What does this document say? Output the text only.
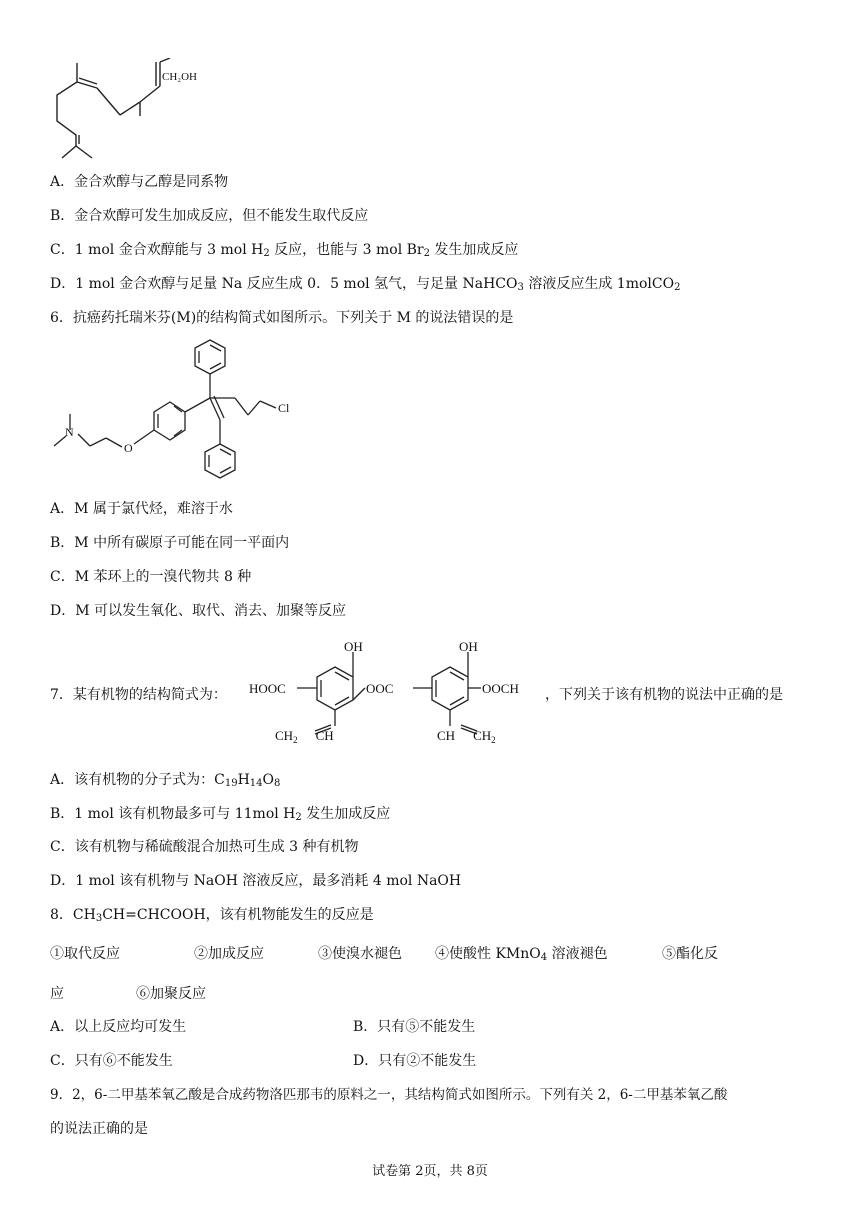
CH₂OH
A．金合欢醇与乙醇是同系物
B．金合欢醇可发生加成反应，但不能发生取代反应
C．1 mol 金合欢醇能与 3 mol $H_2$ 反应，也能与 3 mol $Br_2$ 发生加成反应
D．1 mol 金合欢醇与足量 Na 反应生成 0．5 mol 氢气，与足量 NaHCO$_3$ 溶液反应生成 1molCO$_2$
6．抗癌药托瑞米芬(M)的结构简式如图所示。下列关于 M 的说法错误的是
Cl
O
N
A．M 属于氯代烃，难溶于水
B．M 中所有碳原子可能在同一平面内
C．M 苯环上的一溴代物共 8 种
D．M 可以发生氧化、取代、消去、加聚等反应
7．某有机物的结构简式为：
OH	OH
HOOC	OOC	OOCH
$CH_2$ CH	CH $CH_2$
，下列关于该有机物的说法中正确的是
A．该有机物的分子式为：$C_{19}H_{14}O_8$
B．1 mol 该有机物最多可与 11mol $H_2$ 发生加成反应
C．该有机物与稀硫酸混合加热可生成 3 种有机物
D．1 mol 该有机物与 NaOH 溶液反应，最多消耗 4 mol NaOH
8．$CH_3CH=CHCOOH$，该有机物能发生的反应是
①取代反应	②加成反应	③使溴水褪色 ④使酸性 KMnO$_4$ 溶液褪色	⑤酯化反
应	⑥加聚反应
A．以上反应均可发生	B．只有⑤不能发生
C．只有⑥不能发生	D．只有②不能发生
9．2，6-二甲基苯氧乙酸是合成药物洛匹那韦的原料之一，其结构简式如图所示。下列有关 2，6-二甲基苯氧乙酸
的说法正确的是
试卷第 2页，共 8页
